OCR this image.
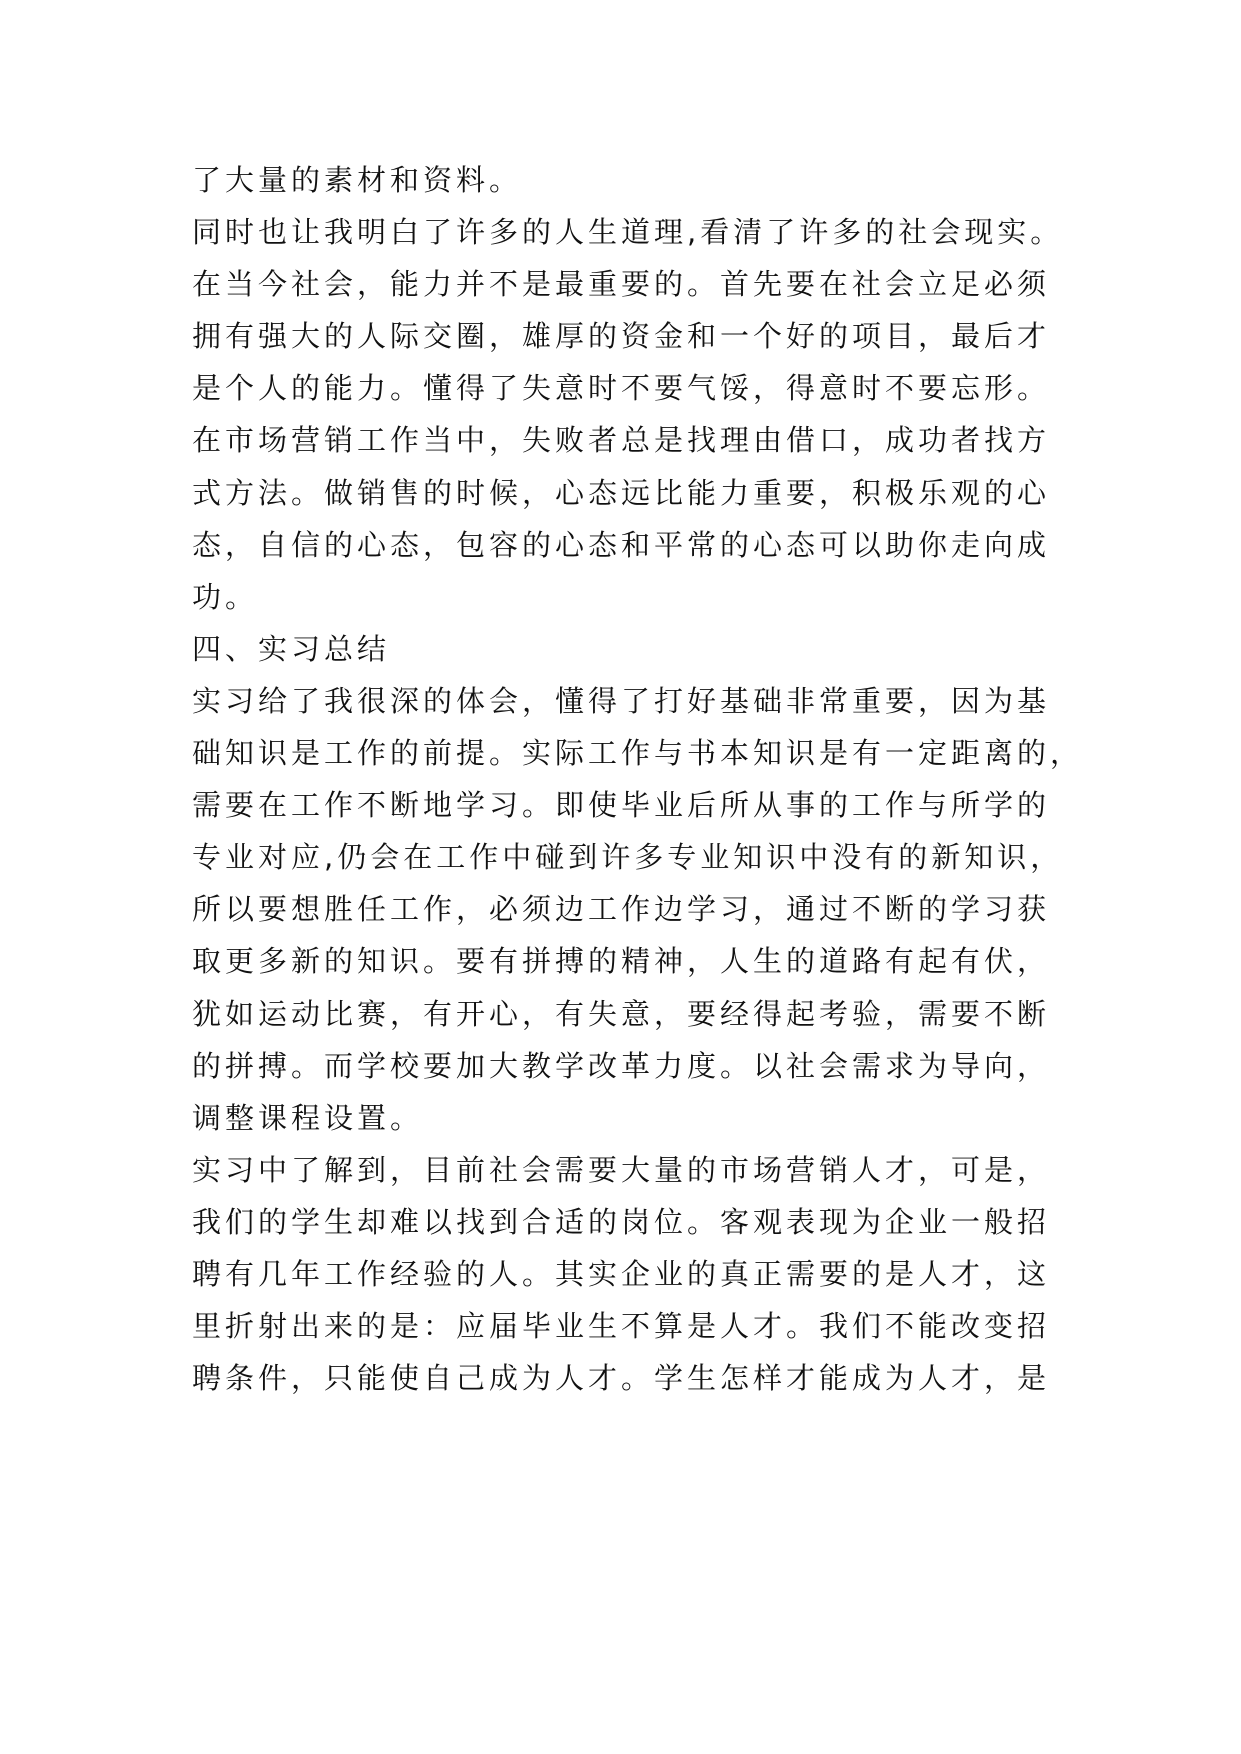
了大量的素材和资料。
同时也让我明白了许多的人生道理,看清了许多的社会现实。
在当今社会，能力并不是最重要的。首先要在社会立足必须
拥有强大的人际交圈，雄厚的资金和一个好的项目，最后才
是个人的能力。懂得了失意时不要气馁，得意时不要忘形。
在市场营销工作当中，失败者总是找理由借口，成功者找方
式方法。做销售的时候，心态远比能力重要，积极乐观的心
态，自信的心态，包容的心态和平常的心态可以助你走向成
功。
四、实习总结
实习给了我很深的体会，懂得了打好基础非常重要，因为基
础知识是工作的前提。实际工作与书本知识是有一定距离的，
需要在工作不断地学习。即使毕业后所从事的工作与所学的
专业对应,仍会在工作中碰到许多专业知识中没有的新知识，
所以要想胜任工作，必须边工作边学习，通过不断的学习获
取更多新的知识。要有拼搏的精神，人生的道路有起有伏，
犹如运动比赛，有开心，有失意，要经得起考验，需要不断
的拼搏。而学校要加大教学改革力度。以社会需求为导向，
调整课程设置。
实习中了解到，目前社会需要大量的市场营销人才，可是，
我们的学生却难以找到合适的岗位。客观表现为企业一般招
聘有几年工作经验的人。其实企业的真正需要的是人才，这
里折射出来的是：应届毕业生不算是人才。我们不能改变招
聘条件，只能使自己成为人才。学生怎样才能成为人才，是
